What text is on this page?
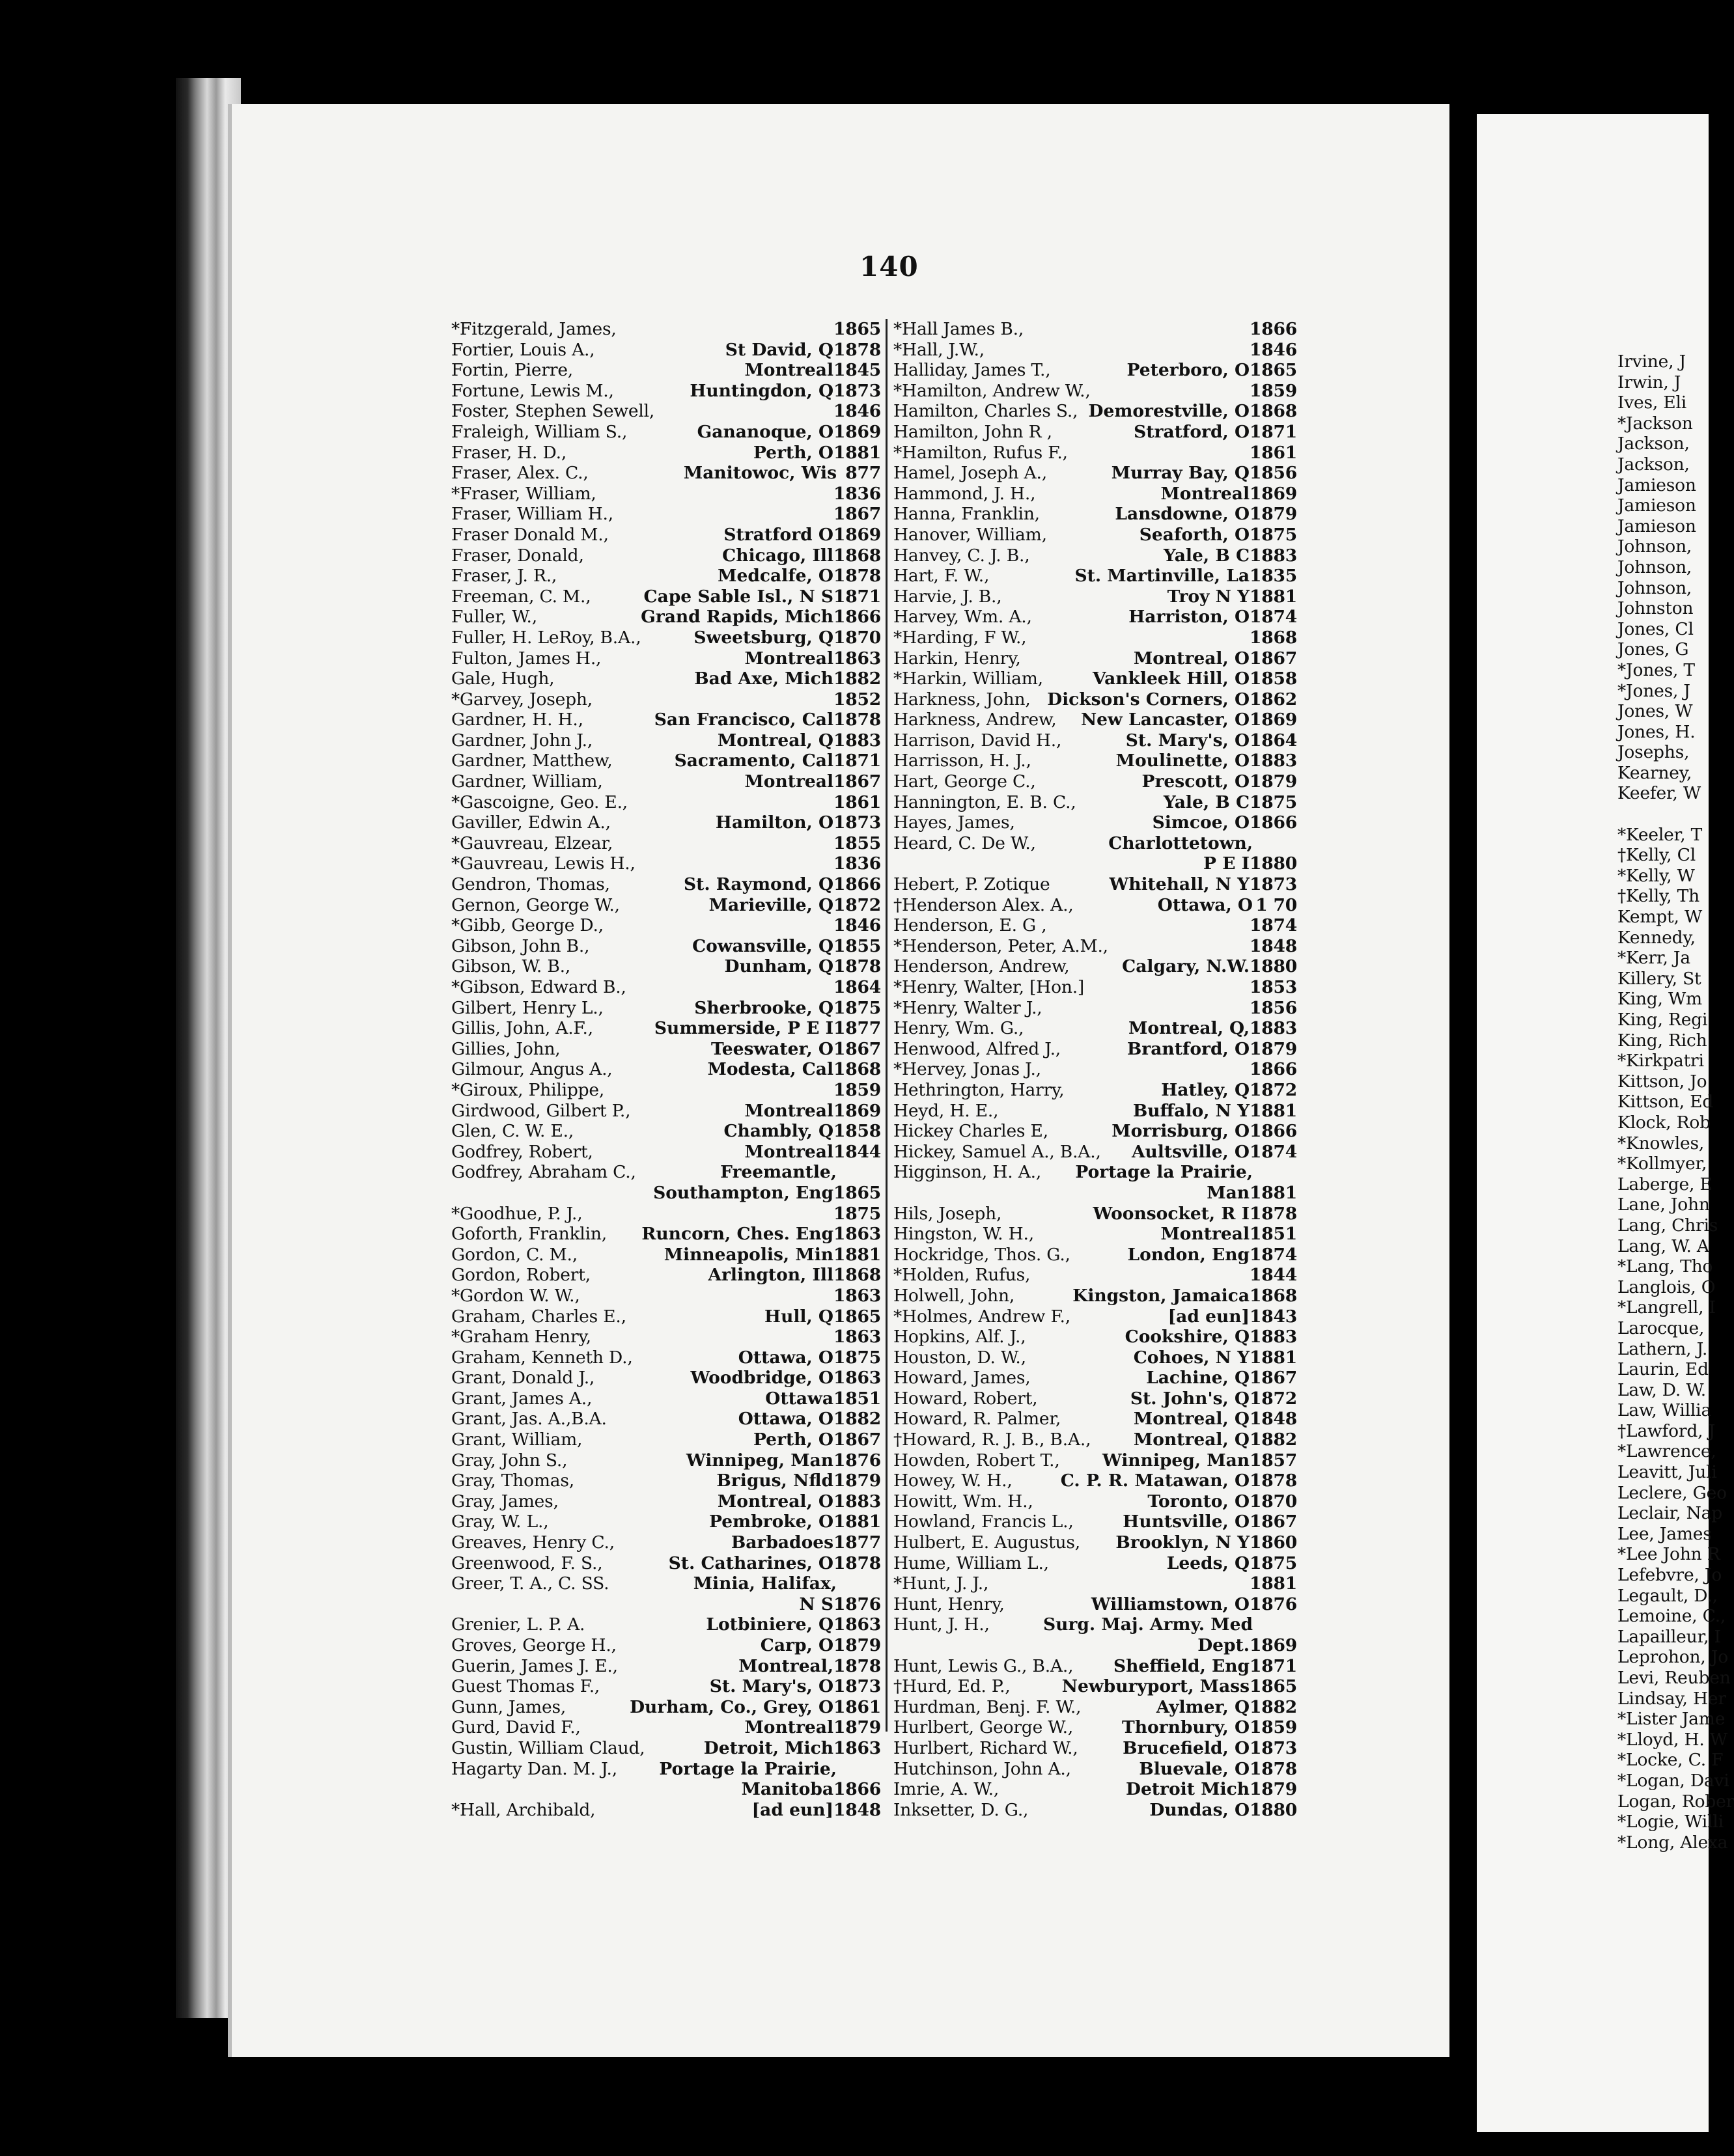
140
*Fitzgerald, James,	1865
Fortier, Louis A.,	St David, Q 1878
Fortin, Pierre,	Montreal 1845
Fortune, Lewis M.,	Huntingdon, Q 1873
Foster, Stephen Sewell,	1846
Fraleigh, William S.,	Gananoque, O 1869
Fraser, H. D.,	Perth, O 1881
Fraser, Alex. C.,	Manitowoc, Wis 877
*Fraser, William,	1836
Fraser, William H.,	1867
Fraser Donald M.,	Stratford O 1869
Fraser, Donald,	Chicago, Ill 1868
Fraser, J. R.,	Medcalfe, O 1878
Freeman, C. M.,	Cape Sable Isl., N S 1871
Fuller, W.,	Grand Rapids, Mich 1866
Fuller, H. LeRoy, B.A.,	Sweetsburg, Q 1870
Fulton, James H.,	Montreal 1863
Gale, Hugh,	Bad Axe, Mich 1882
*Garvey, Joseph,	1852
Gardner, H. H.,	San Francisco, Cal 1878
Gardner, John J.,	Montreal, Q 1883
Gardner, Matthew,	Sacramento, Cal 1871
Gardner, William,	Montreal 1867
*Gascoigne, Geo. E.,	1861
Gaviller, Edwin A.,	Hamilton, O 1873
*Gauvreau, Elzear,	1855
*Gauvreau, Lewis H.,	1836
Gendron, Thomas,	St. Raymond, Q 1866
Gernon, George W.,	Marieville, Q 1872
*Gibb, George D.,	1846
Gibson, John B.,	Cowansville, Q 1855
Gibson, W. B.,	Dunham, Q 1878
*Gibson, Edward B.,	1864
Gilbert, Henry L.,	Sherbrooke, Q 1875
Gillis, John, A.F.,	Summerside, P E I 1877
Gillies, John,	Teeswater, O 1867
Gilmour, Angus A.,	Modesta, Cal 1868
*Giroux, Philippe,	1859
Girdwood, Gilbert P.,	Montreal 1869
Glen, C. W. E.,	Chambly, Q 1858
Godfrey, Robert,	Montreal 1844
Godfrey, Abraham C.,	Freemantle,
Southampton, Eng 1865
*Goodhue, P. J.,	1875
Goforth, Franklin,	Runcorn, Ches. Eng 1863
Gordon, C. M.,	Minneapolis, Min 1881
Gordon, Robert,	Arlington, Ill 1868
*Gordon W. W.,	1863
Graham, Charles E.,	Hull, Q 1865
*Graham Henry,	1863
Graham, Kenneth D.,	Ottawa, O 1875
Grant, Donald J.,	Woodbridge, O 1863
Grant, James A.,	Ottawa 1851
Grant, Jas. A.,B.A.	Ottawa, O 1882
Grant, William,	Perth, O 1867
Gray, John S.,	Winnipeg, Man 1876
Gray, Thomas,	Brigus, Nfld 1879
Gray, James,	Montreal, O 1883
Gray, W. L.,	Pembroke, O 1881
Greaves, Henry C.,	Barbadoes 1877
Greenwood, F. S.,	St. Catharines, O 1878
Greer, T. A., C. SS.	Minia, Halifax,
N S 1876
Grenier, L. P. A.	Lotbiniere, Q 1863
Groves, George H.,	Carp, O 1879
Guerin, James J. E.,	Montreal, 1878
Guest Thomas F.,	St. Mary's, O 1873
Gunn, James,	Durham, Co., Grey, O 1861
Gurd, David F.,	Montreal 1879
Gustin, William Claud,	Detroit, Mich 1863
Hagarty Dan. M. J.,	Portage la Prairie,
Manitoba 1866
*Hall, Archibald,	[ad eun] 1848
*Hall James B.,	1866
*Hall, J.W.,	1846
Halliday, James T.,	Peterboro, O 1865
*Hamilton, Andrew W.,	1859
Hamilton, Charles S., Demorestville, O 1868
Hamilton, John R ,	Stratford, O 1871
*Hamilton, Rufus F.,	1861
Hamel, Joseph A.,	Murray Bay, Q 1856
Hammond, J. H.,	Montreal 1869
Hanna, Franklin,	Lansdowne, O 1879
Hanover, William,	Seaforth, O 1875
Hanvey, C. J. B.,	Yale, B C 1883
Hart, F. W.,	St. Martinville, La 1835
Harvie, J. B.,	Troy N Y 1881
Harvey, Wm. A.,	Harriston, O 1874
*Harding, F W.,	1868
Harkin, Henry,	Montreal, O 1867
*Harkin, William,	Vankleek Hill, O 1858
Harkness, John, Dickson's Corners, O 1862
Harkness, Andrew,	New Lancaster, O 1869
Harrison, David H.,	St. Mary's, O 1864
Harrisson, H. J.,	Moulinette, O 1883
Hart, George C.,	Prescott, O 1879
Hannington, E. B. C.,	Yale, B C 1875
Hayes, James,	Simcoe, O 1866
Heard, C. De W.,	Charlottetown,
P E I 1880
Hebert, P. Zotique	Whitehall, N Y 1873
†Henderson Alex. A.,	Ottawa, O 1 70
Henderson, E. G ,	1874
*Henderson, Peter, A.M.,	1848
Henderson, Andrew,	Calgary, N.W. 1880
*Henry, Walter, [Hon.]	1853
*Henry, Walter J.,	1856
Henry, Wm. G.,	Montreal, Q, 1883
Henwood, Alfred J.,	Brantford, O 1879
*Hervey, Jonas J.,	1866
Hethrington, Harry,	Hatley, Q 1872
Heyd, H. E.,	Buffalo, N Y 1881
Hickey Charles E,	Morrisburg, O 1866
Hickey, Samuel A., B.A.,	Aultsville, O 1874
Higginson, H. A.,	Portage la Prairie,
Man 1881
Hils, Joseph,	Woonsocket, R I 1878
Hingston, W. H.,	Montreal 1851
Hockridge, Thos. G.,	London, Eng 1874
*Holden, Rufus,	1844
Holwell, John,	Kingston, Jamaica 1868
*Holmes, Andrew F.,	[ad eun] 1843
Hopkins, Alf. J.,	Cookshire, Q 1883
Houston, D. W.,	Cohoes, N Y 1881
Howard, James,	Lachine, Q 1867
Howard, Robert,	St. John's, Q 1872
Howard, R. Palmer,	Montreal, Q 1848
†Howard, R. J. B., B.A.,	Montreal, Q 1882
Howden, Robert T.,	Winnipeg, Man 1857
Howey, W. H.,	C. P. R. Matawan, O 1878
Howitt, Wm. H.,	Toronto, O 1870
Howland, Francis L.,	Huntsville, O 1867
Hulbert, E. Augustus,	Brooklyn, N Y 1860
Hume, William L.,	Leeds, Q 1875
*Hunt, J. J.,	1881
Hunt, Henry,	Williamstown, O 1876
Hunt, J. H.,	Surg. Maj. Army. Med
Dept. 1869
Hunt, Lewis G., B.A.,	Sheffield, Eng 1871
†Hurd, Ed. P.,	Newburyport, Mass 1865
Hurdman, Benj. F. W.,	Aylmer, Q 1882
Hurlbert, George W.,	Thornbury, O 1859
Hurlbert, Richard W.,	Brucefield, O 1873
Hutchinson, John A.,	Bluevale, O 1878
Imrie, A. W.,	Detroit Mich 1879
Inksetter, D. G.,	Dundas, O 1880
Irvine, J
Irwin, J
Ives, Eli
*Jackson
Jackson,
Jackson,
Jamieson
Jamieson
Jamieson
Johnson,
Johnson,
Johnson,
Johnston
Jones, Cl
Jones, G
*Jones, T
*Jones, J
Jones, W
Jones, H.
Josephs,
Kearney,
Keefer, W
*Keeler, T
†Kelly, Cl
*Kelly, W
†Kelly, Th
Kempt, W
Kennedy,
*Kerr, Ja
Killery, St
King, Wm
King, Regi
King, Rich
*Kirkpatri
Kittson, Jo
Kittson, Ed
Klock, Rob
*Knowles,
*Kollmyer,
Laberge, E
Lane, John
Lang, Chris
Lang, W. A
*Lang, Tho
Langlois, O
*Langrell, I
Larocque,
Lathern, J.
Laurin, Ed
Law, D. W.
Law, Willia
†Lawford, J
*Lawrence,
Leavitt, Juli
Leclere, Geo
Leclair, Nap
Lee, James
*Lee John R
Lefebvre, Jo
Legault, D.,
Lemoine, C.,
Lapailleur, I
Leprohon, Jo
Levi, Reuben
Lindsay, Her
*Lister Jame
*Lloyd, H. W
*Locke, C. F
*Logan, Davi
Logan, Rober
*Logie, Willi
*Long, Alexa
